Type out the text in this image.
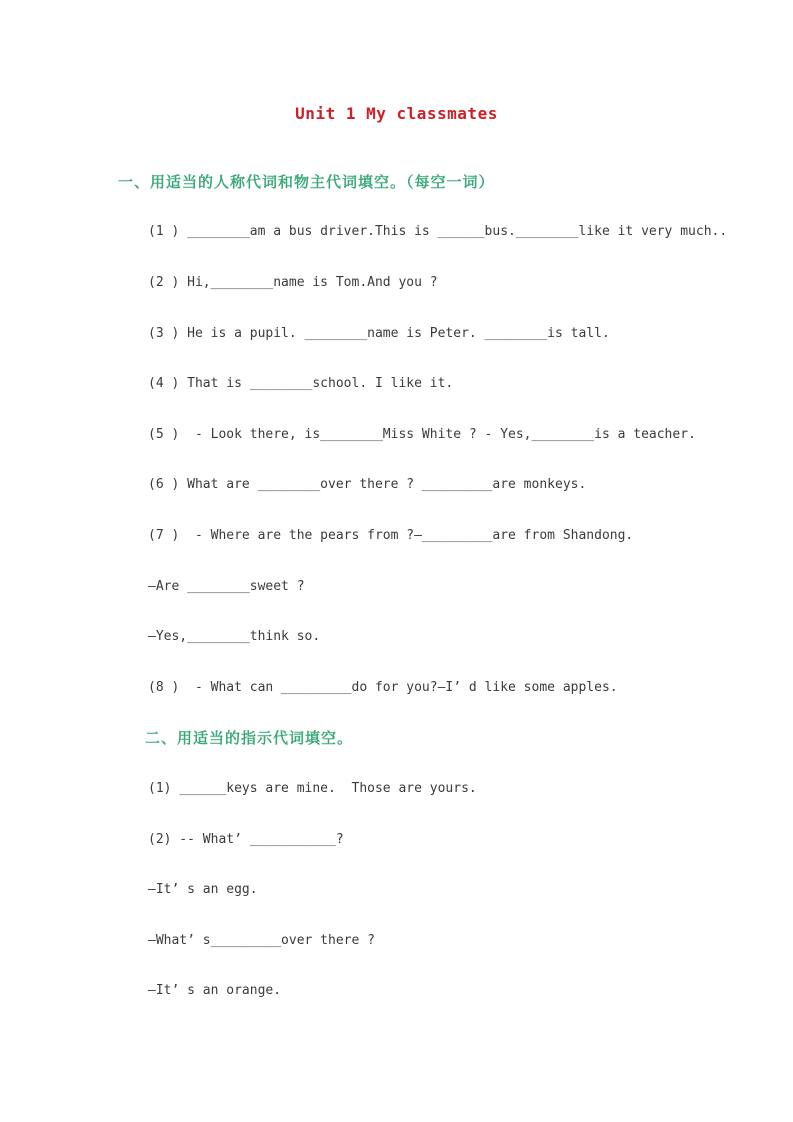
Unit 1 My classmates
一、用适当的人称代词和物主代词填空。（每空一词）
(1 ) ________am a bus driver.This is ______bus.________like it very much..
(2 ) Hi,________name is Tom.And you ?
(3 ) He is a pupil. ________name is Peter. ________is tall.
(4 ) That is ________school. I like it.
(5 )  - Look there, is________Miss White ? - Yes,________is a teacher.
(6 ) What are ________over there ? _________are monkeys.
(7 )  - Where are the pears from ?—_________are from Shandong.
—Are ________sweet ?
—Yes,________think so.
(8 )  - What can _________do for you?—I’ d like some apples.
二、用适当的指示代词填空。
(1) ______keys are mine.  Those are yours.
(2) -- What’ ___________?
—It’ s an egg.
—What’ s_________over there ?
—It’ s an orange.
